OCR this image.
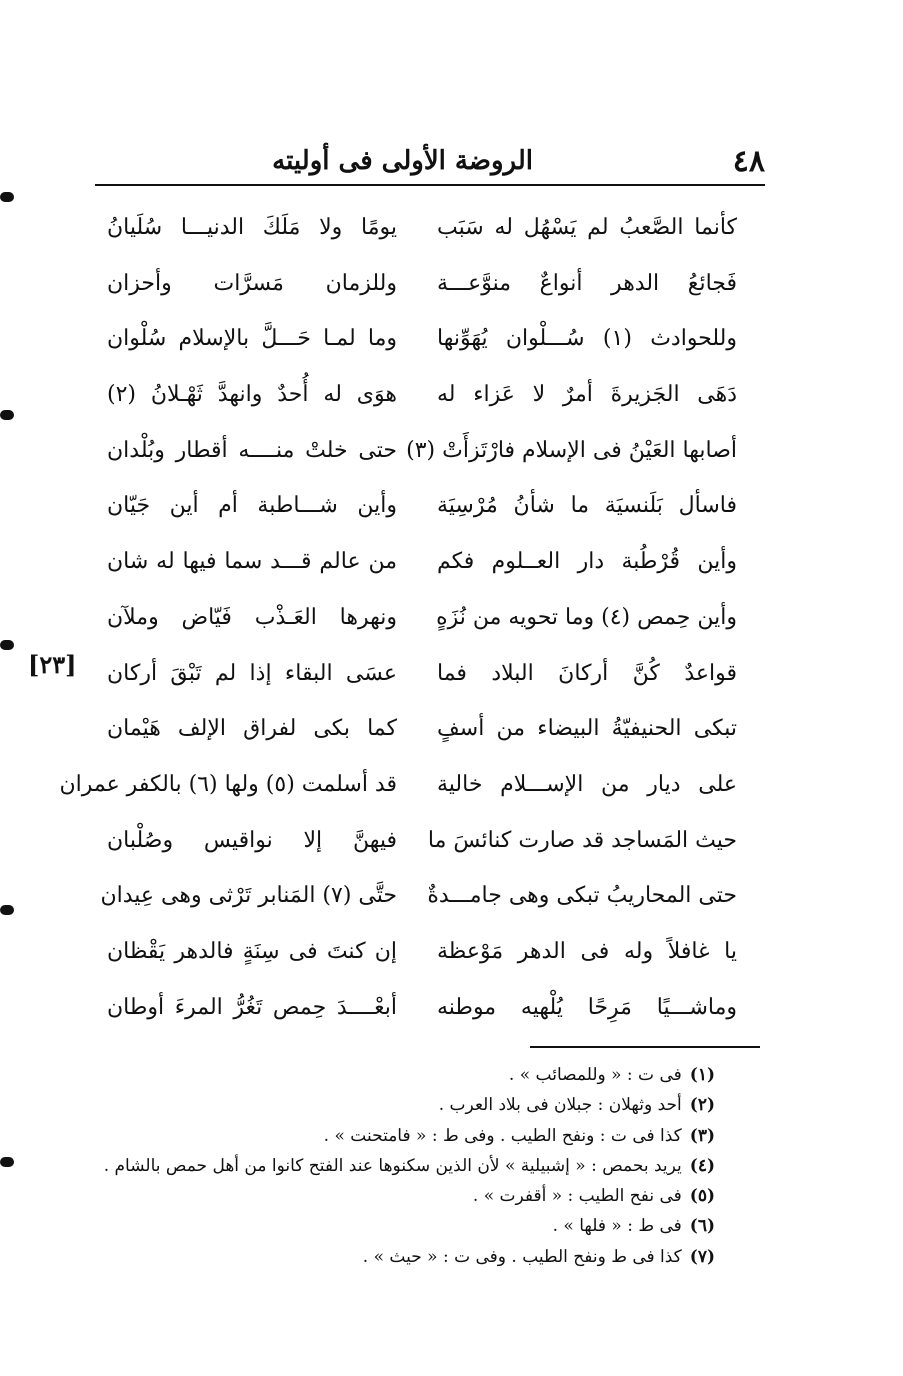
٤٨
الروضة الأولى فى أوليته
كأنما الصَّعبُ لم يَسْهُل له سَبَب
يومًا ولا مَلَكَ الدنيـــا سُلَيانُ
فَجائعُ الدهر أنواعٌ منوَّعـــة
وللزمان مَسرَّات وأحزان
وللحوادث (١) سُـــلْوان يُهَوِّنها
وما لمـا حَـــلَّ بالإسلام سُلْوان
دَهَى الجَزيرةَ أمرٌ لا عَزاء له
هوَى له أُحدٌ وانهدَّ ثَهْـلانُ (٢)
أصابها العَيْنُ فى الإسلام فارْتَزأَتْ (٣)
حتى خلتْ منــــه أقطار وبُلْدان
فاسأل بَلَنسيَة ما شأنُ مُرْسِيَة
وأين شـــاطبة أم أين جَيّان
وأين قُرْطُبة دار العــلوم فكم
من عالم قـــد سما فيها له شان
وأين حِمص (٤) وما تحويه من نُزَهٍ
ونهرها العَـذْب فَيّاض وملآن
قواعدٌ كُنَّ أركانَ البلاد فما
عسَى البقاء إذا لم تَبْقَ أركان
تبكى الحنيفيّةُ البيضاء من أسفٍ
كما بكى لفراق الإلف هَيْمان
على ديار من الإســـلام خالية
قد أسلمت (٥) ولها (٦) بالكفر عمران
حيث المَساجد قد صارت كنائسَ ما
فيهنَّ إلا نواقيس وصُلْبان
حتى المحاريبُ تبكى وهى جامـــدةٌ
حتَّى (٧) المَنابر تَرْثى وهى عِيدان
يا غافلاً وله فى الدهر مَوْعظة
إن كنتَ فى سِنَةٍ فالدهر يَقْظان
وماشـــيًا مَرِحًا يُلْهيه موطنه
أبعْــــدَ حِمص تَغُرُّ المرءَ أوطان
[٢٣]
(١)فى ت : « وللمصائب » .
(٢)أحد وثهلان : جبلان فى بلاد العرب .
(٣)كذا فى ت : ونفح الطيب . وفى ط : « فامتحنت » .
(٤)يريد بحمص : « إشبيلية » لأن الذين سكنوها عند الفتح كانوا من أهل حمص بالشام .
(٥)فى نفح الطيب : « أقفرت » .
(٦)فى ط : « فلها » .
(٧)كذا فى ط ونفح الطيب . وفى ت : « حيث » .
